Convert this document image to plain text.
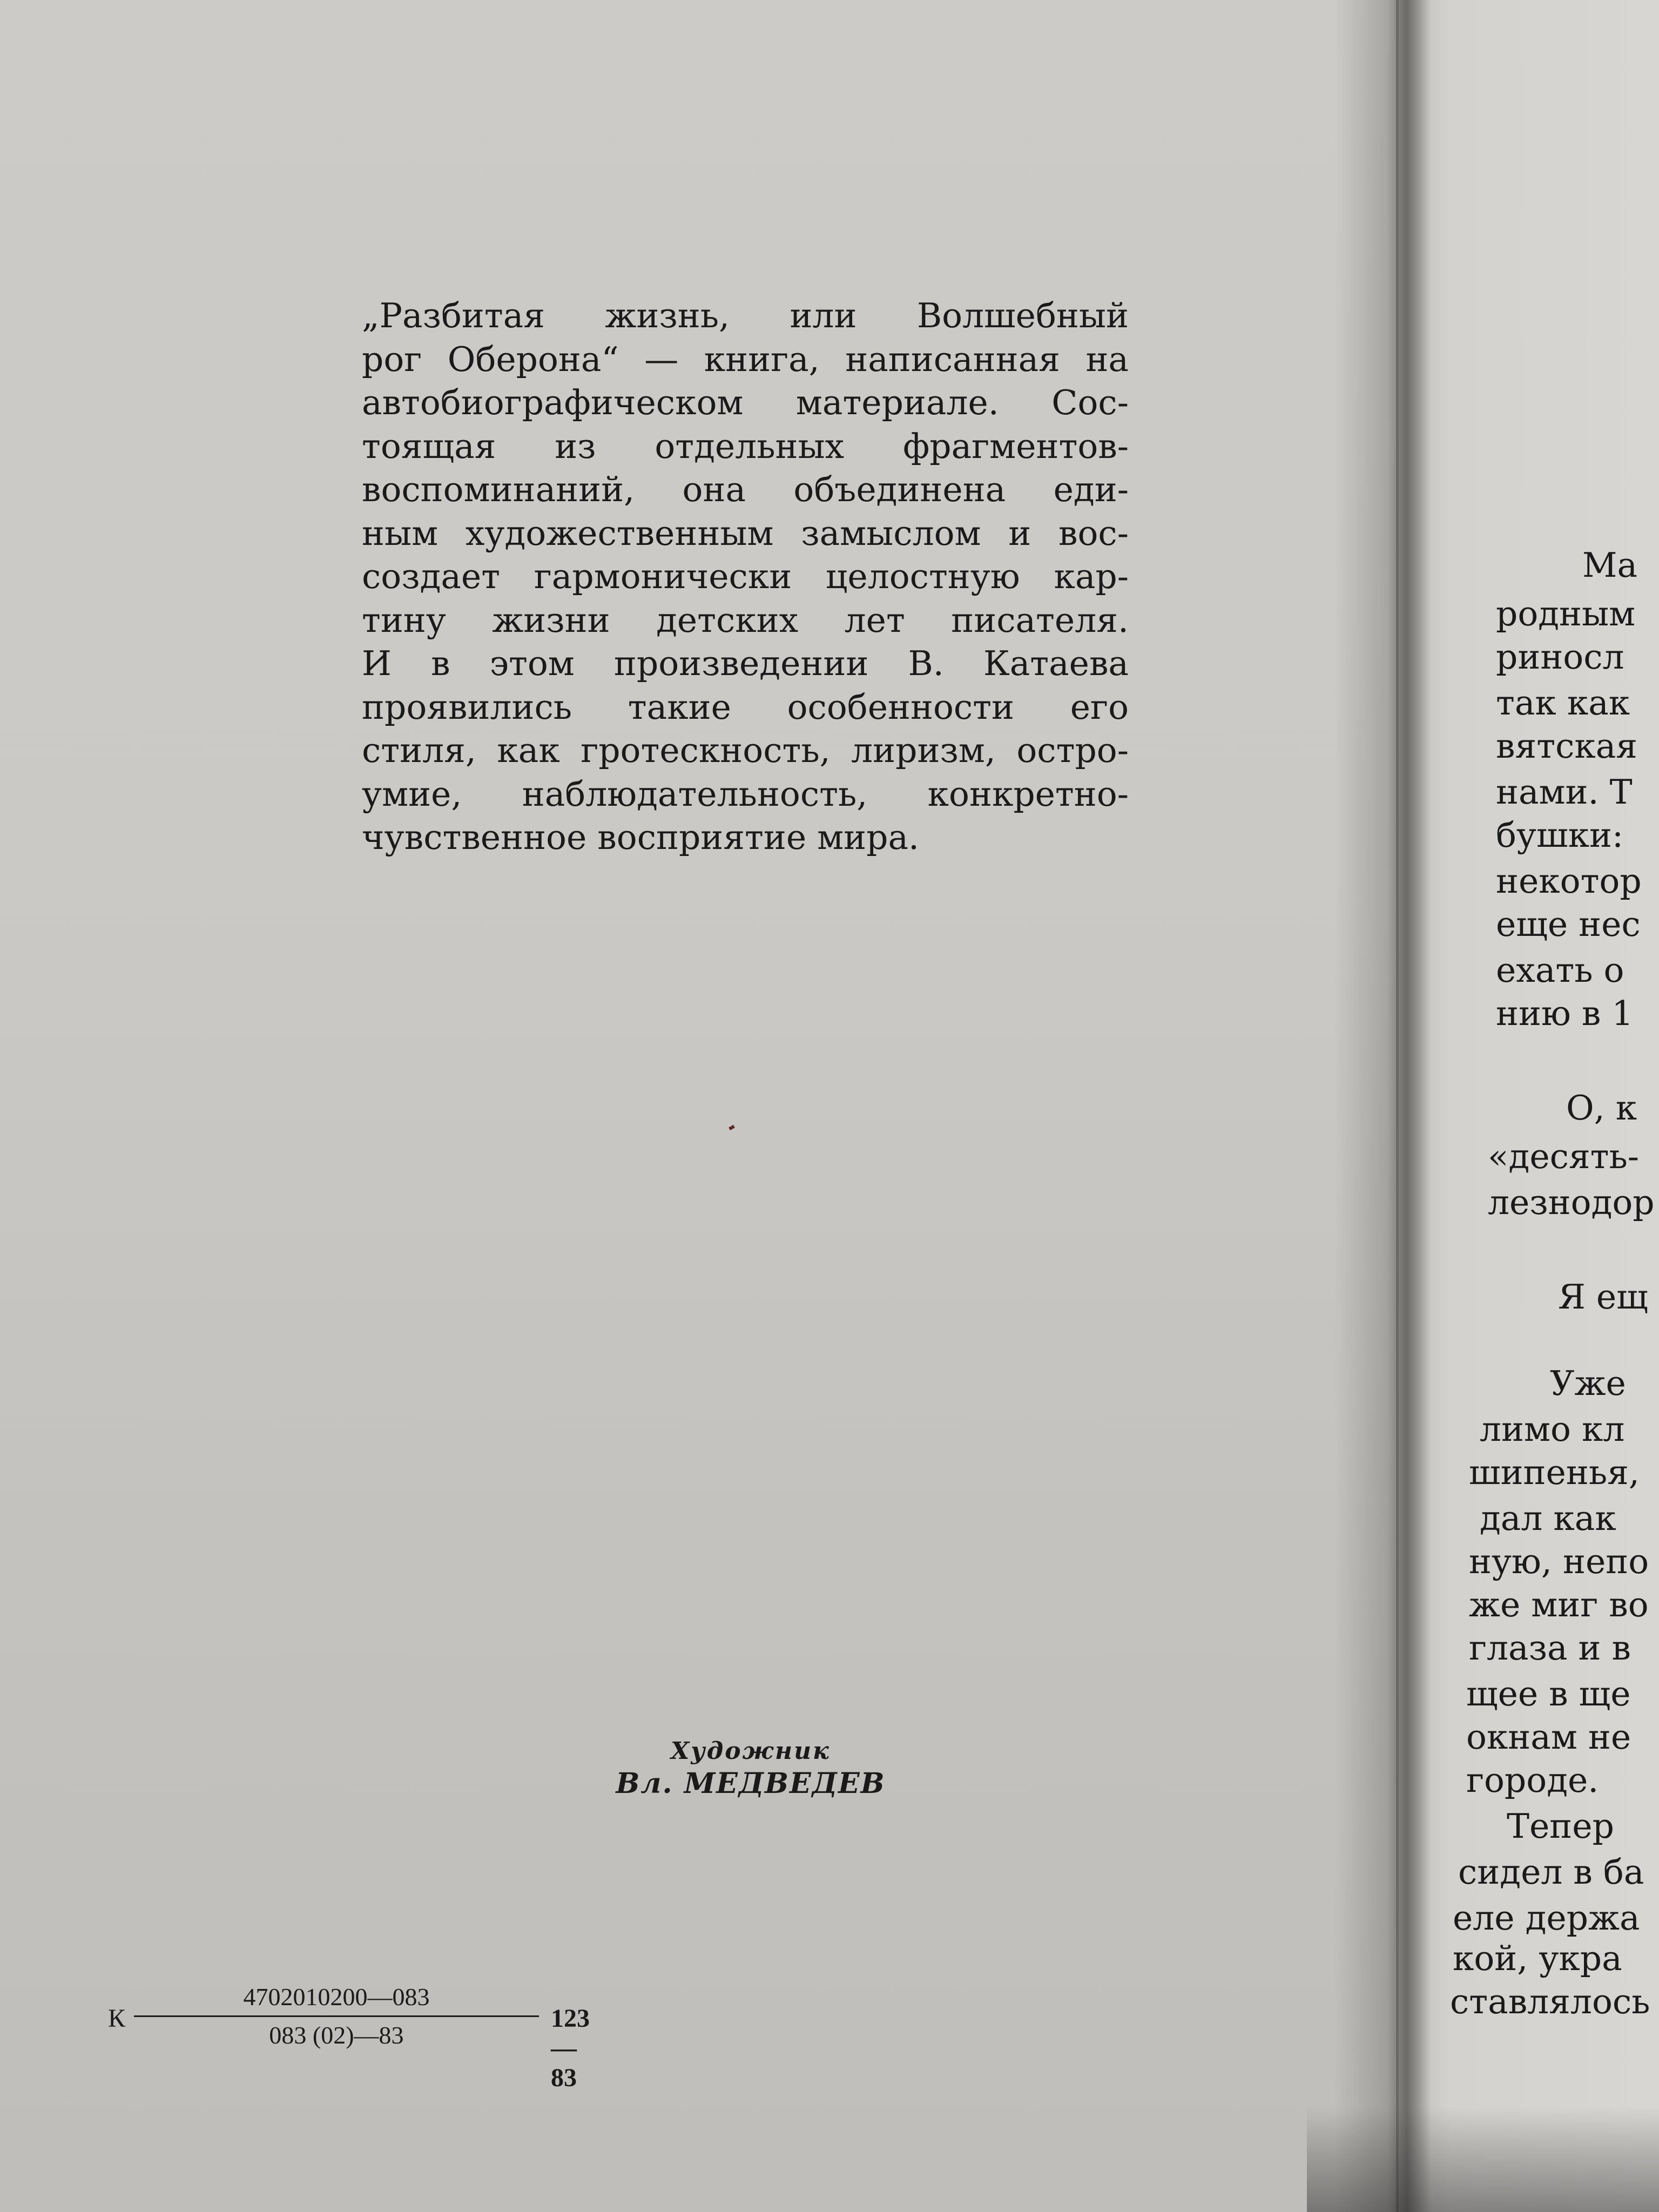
„Разбитая жизнь, или Волшебный
рог Оберона“ — книга, написанная на
автобиографическом материале. Сос-
тоящая из отдельных фрагментов-
воспоминаний, она объединена еди-
ным художественным замыслом и вос-
создает гармонически целостную кар-
тину жизни детских лет писателя.
И в этом произведении В. Катаева
проявились такие особенности его
стиля, как гротескность, лиризм, остро-
умие, наблюдательность, конкретно-
чувственное восприятие мира.
Художник
Вл. МЕДВЕДЕВ
К
4702010200—083
083 (02)—83
123—83
Ма
родным
риносл
так как
вятская
нами. Т
бушки:
некотор
еще нес
ехать о
нию в 1
О, к
«десять-
лезнодор
Я ещ
Уже
лимо кл
шипенья,
дал как
ную, непо
же миг во
глаза и в
щее в ще
окнам не
городе.
Тепер
сидел в ба
еле держа
кой, укра
ставлялось
